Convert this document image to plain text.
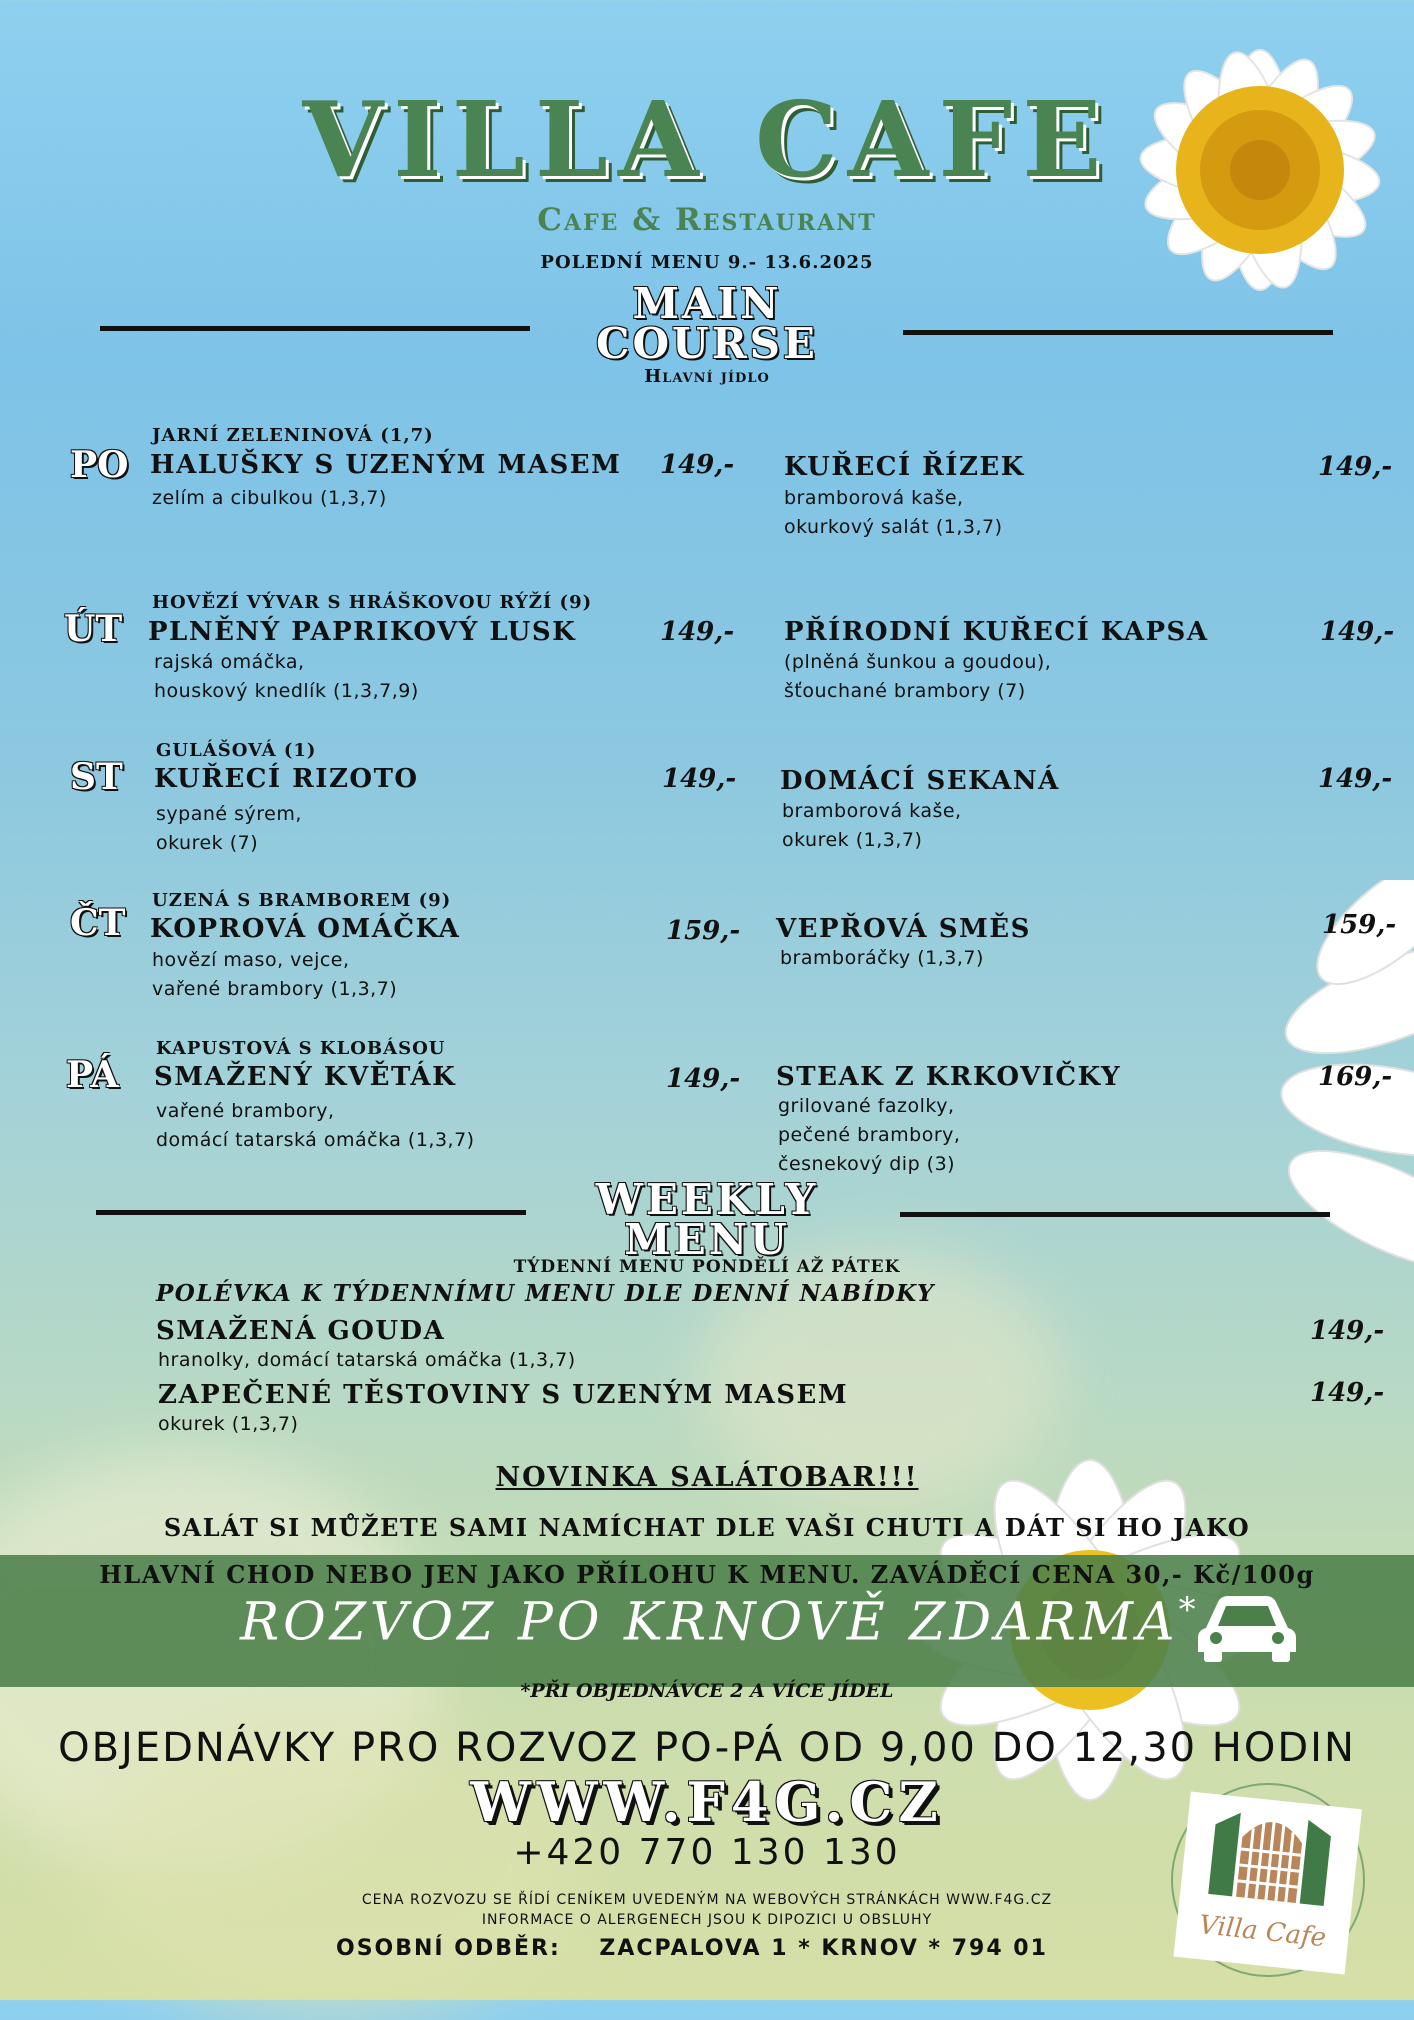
VILLA CAFE
Cafe & Restaurant
POLEDNÍ MENU 9.- 13.6.2025
MAIN
COURSE
Hlavní jídlo
PO
JARNÍ ZELENINOVÁ (1,7)
HALUŠKY S UZENÝM MASEM
zelím a cibulkou (1,3,7)
149,- KUŘECÍ ŘÍZEK
bramborová kaše,
okurkový salát (1,3,7)
149,-
ÚT
HOVĚZÍ VÝVAR S HRÁŠKOVOU RÝŽÍ (9)
PLNĚNÝ PAPRIKOVÝ LUSK
rajská omáčka,
houskový knedlík (1,3,7,9)
149,- PŘÍRODNÍ KUŘECÍ KAPSA
(plněná šunkou a goudou),
šťouchané brambory (7)
149,-
ST
GULÁŠOVÁ (1)
KUŘECÍ RIZOTO
sypané sýrem,
okurek (7)
149,- DOMÁCÍ SEKANÁ
bramborová kaše,
okurek (1,3,7)
149,-
ČT
UZENÁ S BRAMBOREM (9)
KOPROVÁ OMÁČKA
hovězí maso, vejce,
vařené brambory (1,3,7)
159,- VEPŘOVÁ SMĚS
bramboráčky (1,3,7)
159,-
PÁ
KAPUSTOVÁ S KLOBÁSOU
SMAŽENÝ KVĚTÁK
vařené brambory,
domácí tatarská omáčka (1,3,7)
149,- STEAK Z KRKOVIČKY
grilované fazolky,
pečené brambory,
česnekový dip (3)
169,-
WEEKLY
MENU
TÝDENNÍ MENU PONDĚLÍ AŽ PÁTEK
POLÉVKA K TÝDENNÍMU MENU DLE DENNÍ NABÍDKY
SMAŽENÁ GOUDA
hranolky, domácí tatarská omáčka (1,3,7)
149,-
ZAPEČENÉ TĚSTOVINY S UZENÝM MASEM
okurek (1,3,7)
149,-
NOVINKA SALÁTOBAR!!!
SALÁT SI MŮŽETE SAMI NAMÍCHAT DLE VAŠI CHUTI A DÁT SI HO JAKO
HLAVNÍ CHOD NEBO JEN JAKO PŘÍLOHU K MENU. ZAVÁDĚCÍ CENA 30,- Kč/100g
ROZVOZ PO KRNOVĚ ZDARMA*
*PŘI OBJEDNÁVCE 2 A VÍCE JÍDEL
OBJEDNÁVKY PRO ROZVOZ PO-PÁ OD 9,00 DO 12,30 HODIN
WWW.F4G.CZ
+420 770 130 130
CENA ROZVOZU SE ŘÍDÍ CENÍKEM UVEDENÝM NA WEBOVÝCH STRÁNKÁCH WWW.F4G.CZ
INFORMACE O ALERGENECH JSOU K DIPOZICI U OBSLUHY
OSOBNÍ ODBĚR:    ZACPALOVA 1 * KRNOV * 794 01	Villa Cafe
